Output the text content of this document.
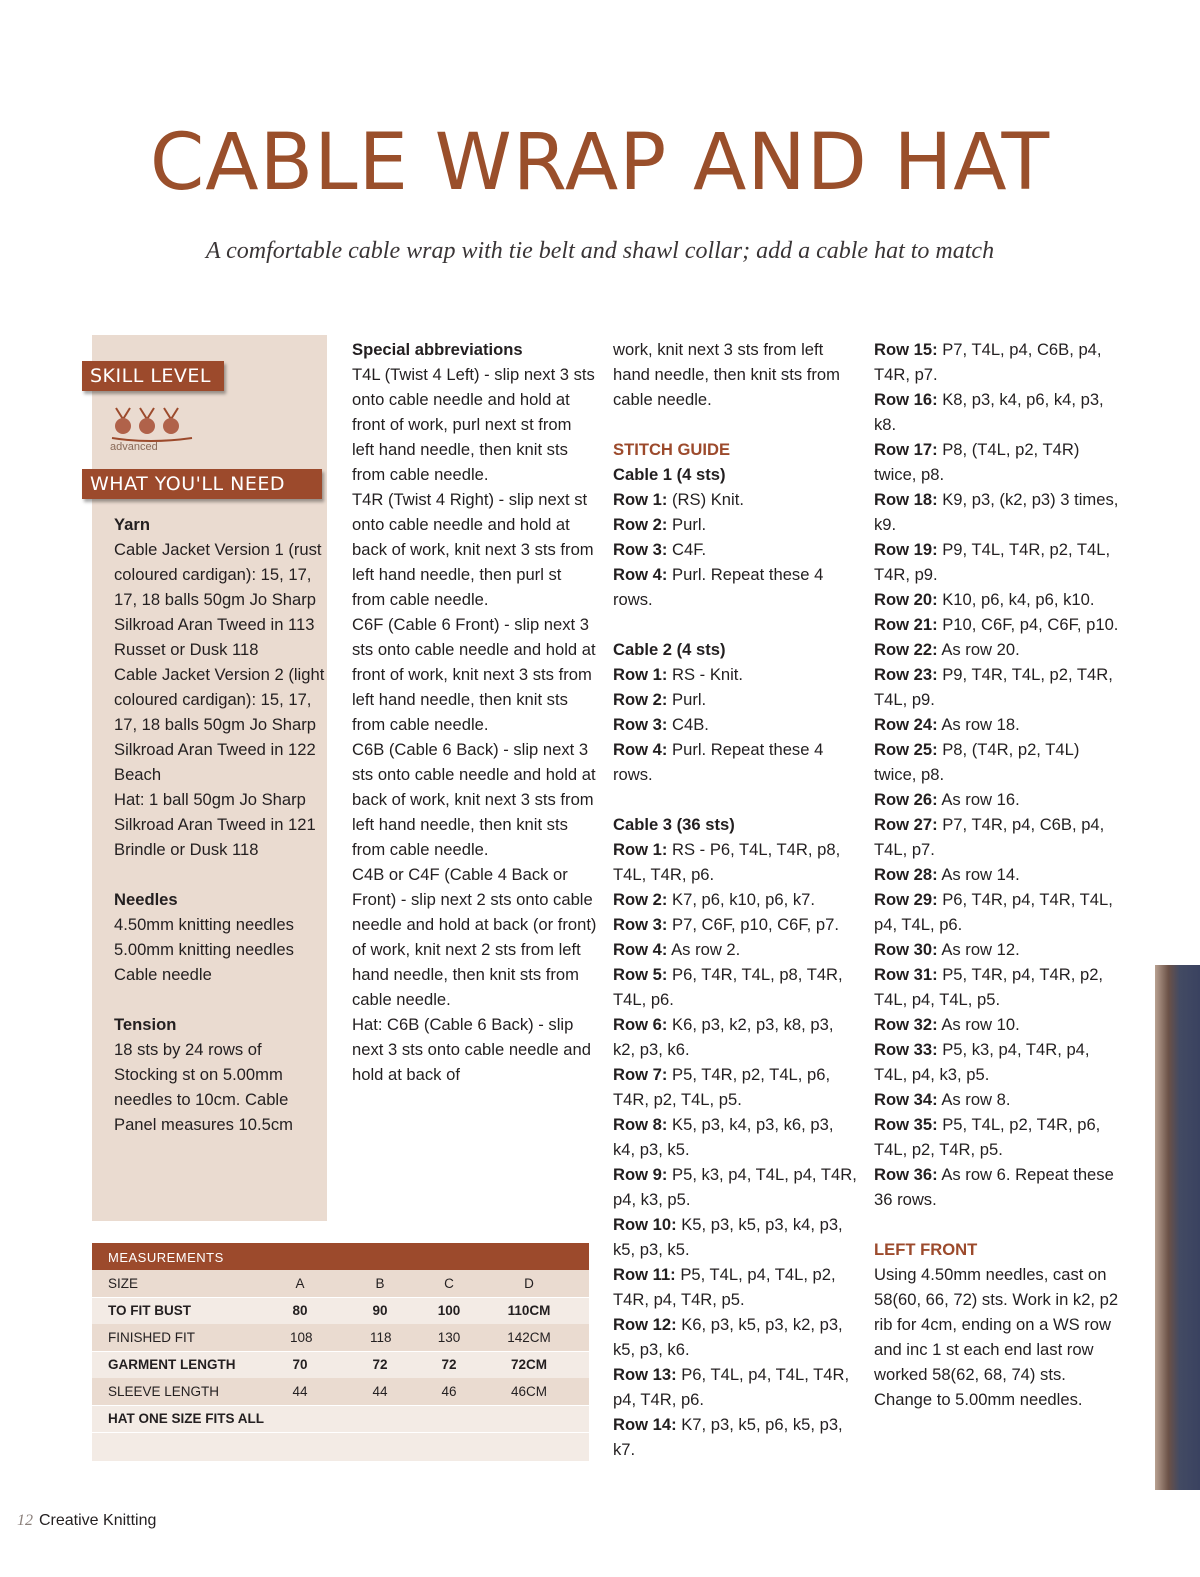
CABLE WRAP AND HAT
A comfortable cable wrap with tie belt and shawl collar; add a cable hat to match
SKILL LEVEL
advanced
WHAT YOU'LL NEED

Yarn

Cable Jacket Version 1 (rust coloured cardigan): 15, 17, 17, 18 balls 50gm Jo Sharp Silkroad Aran Tweed in 113 Russet or Dusk 118

Cable Jacket Version 2 (light coloured cardigan): 15, 17, 17, 18 balls 50gm Jo Sharp Silkroad Aran Tweed in 122 Beach

Hat: 1 ball 50gm Jo Sharp Silkroad Aran Tweed in 121 Brindle or Dusk 118

Needles

4.50mm knitting needles

5.00mm knitting needles

Cable needle

Tension

18 sts by 24 rows of Stocking st on 5.00mm needles to 10cm. Cable Panel measures 10.5cm

Special abbreviations

T4L (Twist 4 Left) - slip next 3 sts onto cable needle and hold at front of work, purl next st from left hand needle, then knit sts from cable needle.

T4R (Twist 4 Right) - slip next st onto cable needle and hold at back of work, knit next 3 sts from left hand needle, then purl st from cable needle.

C6F (Cable 6 Front) - slip next 3 sts onto cable needle and hold at front of work, knit next 3 sts from left hand needle, then knit sts from cable needle.

C6B (Cable 6 Back) - slip next 3 sts onto cable needle and hold at back of work, knit next 3 sts from left hand needle, then knit sts from cable needle.

C4B or C4F (Cable 4 Back or Front) - slip next 2 sts onto cable needle and hold at back (or front) of work, knit next 2 sts from left hand needle, then knit sts from cable needle.

Hat: C6B (Cable 6 Back) - slip next 3 sts onto cable needle and hold at back of

work, knit next 3 sts from left hand needle, then knit sts from cable needle.

STITCH GUIDE

Cable 1 (4 sts)

Row 1: (RS) Knit.

Row 2: Purl.

Row 3: C4F.

Row 4: Purl. Repeat these 4 rows.

Cable 2 (4 sts)

Row 1: RS - Knit.

Row 2: Purl.

Row 3: C4B.

Row 4: Purl. Repeat these 4 rows.

Cable 3 (36 sts)

Row 1: RS - P6, T4L, T4R, p8, T4L, T4R, p6.

Row 2: K7, p6, k10, p6, k7.

Row 3: P7, C6F, p10, C6F, p7.

Row 4: As row 2.

Row 5: P6, T4R, T4L, p8, T4R, T4L, p6.

Row 6: K6, p3, k2, p3, k8, p3, k2, p3, k6.

Row 7: P5, T4R, p2, T4L, p6, T4R, p2, T4L, p5.

Row 8: K5, p3, k4, p3, k6, p3, k4, p3, k5.

Row 9: P5, k3, p4, T4L, p4, T4R, p4, k3, p5.

Row 10: K5, p3, k5, p3, k4, p3, k5, p3, k5.

Row 11: P5, T4L, p4, T4L, p2, T4R, p4, T4R, p5.

Row 12: K6, p3, k5, p3, k2, p3, k5, p3, k6.

Row 13: P6, T4L, p4, T4L, T4R, p4, T4R, p6.

Row 14: K7, p3, k5, p6, k5, p3, k7.

Row 15: P7, T4L, p4, C6B, p4, T4R, p7.

Row 16: K8, p3, k4, p6, k4, p3, k8.

Row 17: P8, (T4L, p2, T4R) twice, p8.

Row 18: K9, p3, (k2, p3) 3 times, k9.

Row 19: P9, T4L, T4R, p2, T4L, T4R, p9.

Row 20: K10, p6, k4, p6, k10.

Row 21: P10, C6F, p4, C6F, p10.

Row 22: As row 20.

Row 23: P9, T4R, T4L, p2, T4R, T4L, p9.

Row 24: As row 18.

Row 25: P8, (T4R, p2, T4L) twice, p8.

Row 26: As row 16.

Row 27: P7, T4R, p4, C6B, p4, T4L, p7.

Row 28: As row 14.

Row 29: P6, T4R, p4, T4R, T4L, p4, T4L, p6.

Row 30: As row 12.

Row 31: P5, T4R, p4, T4R, p2, T4L, p4, T4L, p5.

Row 32: As row 10.

Row 33: P5, k3, p4, T4R, p4, T4L, p4, k3, p5.

Row 34: As row 8.

Row 35: P5, T4L, p2, T4R, p6, T4L, p2, T4R, p5.

Row 36: As row 6. Repeat these 36 rows.

LEFT FRONT

Using 4.50mm needles, cast on 58(60, 66, 72) sts. Work in k2, p2 rib for 4cm, ending on a WS row and inc 1 st each end last row worked 58(62, 68, 74) sts. Change to 5.00mm needles.

MEASUREMENTS
SIZE	A	B	C	D
TO FIT BUST	80	90	100	110CM
FINISHED FIT	108	118	130	142CM
GARMENT LENGTH	70	72	72	72CM
SLEEVE LENGTH	44	44	46	46CM
HAT ONE SIZE FITS ALL
12 Creative Knitting
